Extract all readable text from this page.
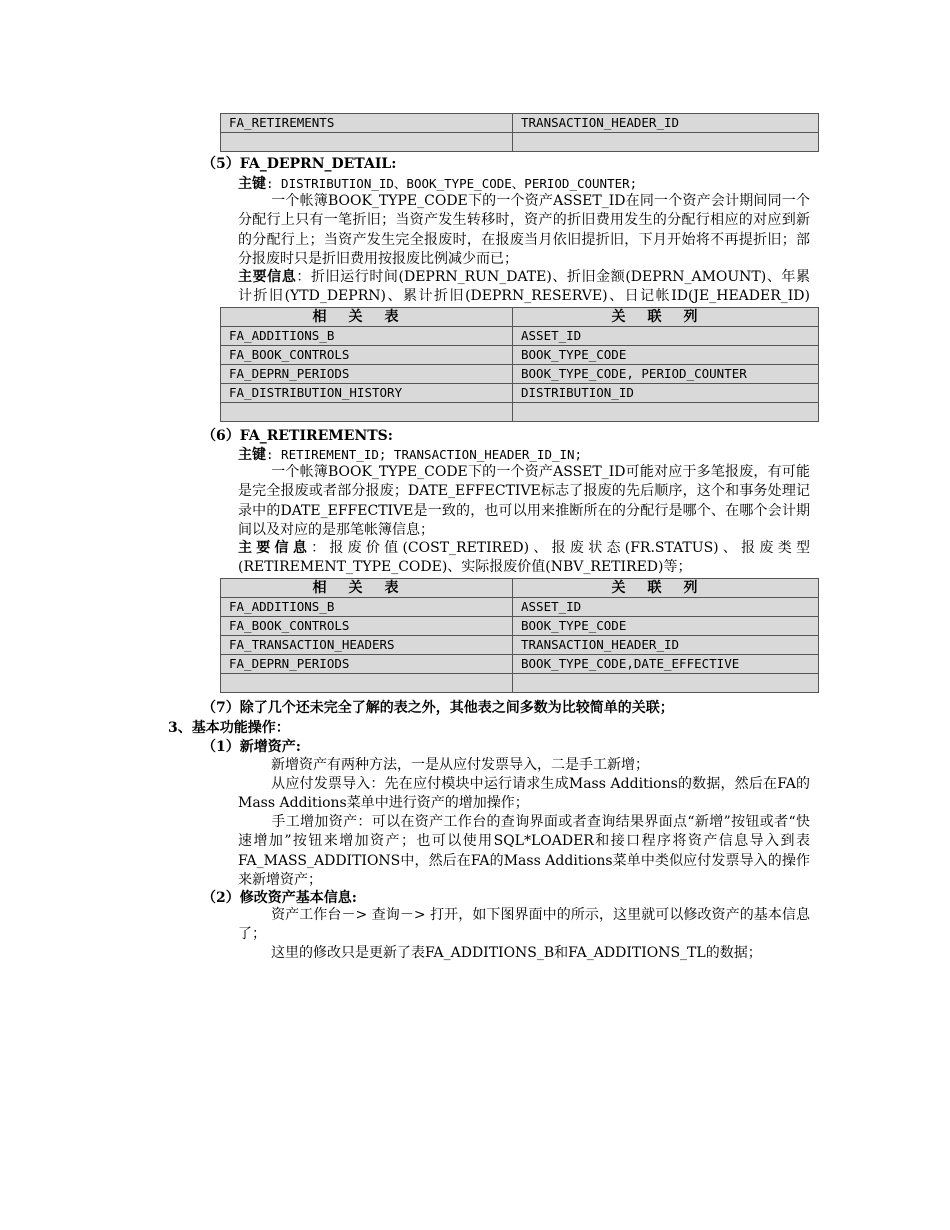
FA_RETIREMENTS	TRANSACTION_HEADER_ID

（5）FA_DEPRN_DETAIL:
主键: DISTRIBUTION_ID、BOOK_TYPE_CODE、PERIOD_COUNTER;
一个帐簿BOOK_TYPE_CODE下的一个资产ASSET_ID在同一个资产会计期间同一个分配行上只有一笔折旧；当资产发生转移时，资产的折旧费用发生的分配行相应的对应到新的分配行上；当资产发生完全报废时，在报废当月依旧提折旧，下月开始将不再提折旧；部分报废时只是折旧费用按报废比例减少而已；
主要信息：折旧运行时间(DEPRN_RUN_DATE)、折旧金额(DEPRN_AMOUNT)、年累计折旧(YTD_DEPRN)、累计折旧(DEPRN_RESERVE)、日记帐ID(JE_HEADER_ID)
相关表	关联列
FA_ADDITIONS_B	ASSET_ID
FA_BOOK_CONTROLS	BOOK_TYPE_CODE
FA_DEPRN_PERIODS	BOOK_TYPE_CODE, PERIOD_COUNTER
FA_DISTRIBUTION_HISTORY	DISTRIBUTION_ID

（6）FA_RETIREMENTS:
主键: RETIREMENT_ID; TRANSACTION_HEADER_ID_IN;
一个帐簿BOOK_TYPE_CODE下的一个资产ASSET_ID可能对应于多笔报废，有可能是完全报废或者部分报废；DATE_EFFECTIVE标志了报废的先后顺序，这个和事务处理记录中的DATE_EFFECTIVE是一致的，也可以用来推断所在的分配行是哪个、在哪个会计期间以及对应的是那笔帐簿信息；
主要信息：报废价值(COST_RETIRED)、报废状态(FR.STATUS)、报废类型(RETIREMENT_TYPE_CODE)、实际报废价值(NBV_RETIRED)等；
相关表	关联列
FA_ADDITIONS_B	ASSET_ID
FA_BOOK_CONTROLS	BOOK_TYPE_CODE
FA_TRANSACTION_HEADERS	TRANSACTION_HEADER_ID
FA_DEPRN_PERIODS	BOOK_TYPE_CODE,DATE_EFFECTIVE

（7）除了几个还未完全了解的表之外，其他表之间多数为比较简单的关联；
3、基本功能操作：
（1）新增资产:
新增资产有两种方法，一是从应付发票导入，二是手工新增；
从应付发票导入：先在应付模块中运行请求生成Mass Additions的数据，然后在FA的Mass Additions菜单中进行资产的增加操作；
手工增加资产：可以在资产工作台的查询界面或者查询结果界面点“新增”按钮或者“快速增加”按钮来增加资产；也可以使用SQL*LOADER和接口程序将资产信息导入到表FA_MASS_ADDITIONS中，然后在FA的Mass Additions菜单中类似应付发票导入的操作来新增资产；
（2）修改资产基本信息:
资产工作台－> 查询－> 打开，如下图界面中的所示，这里就可以修改资产的基本信息了；
这里的修改只是更新了表FA_ADDITIONS_B和FA_ADDITIONS_TL的数据；
